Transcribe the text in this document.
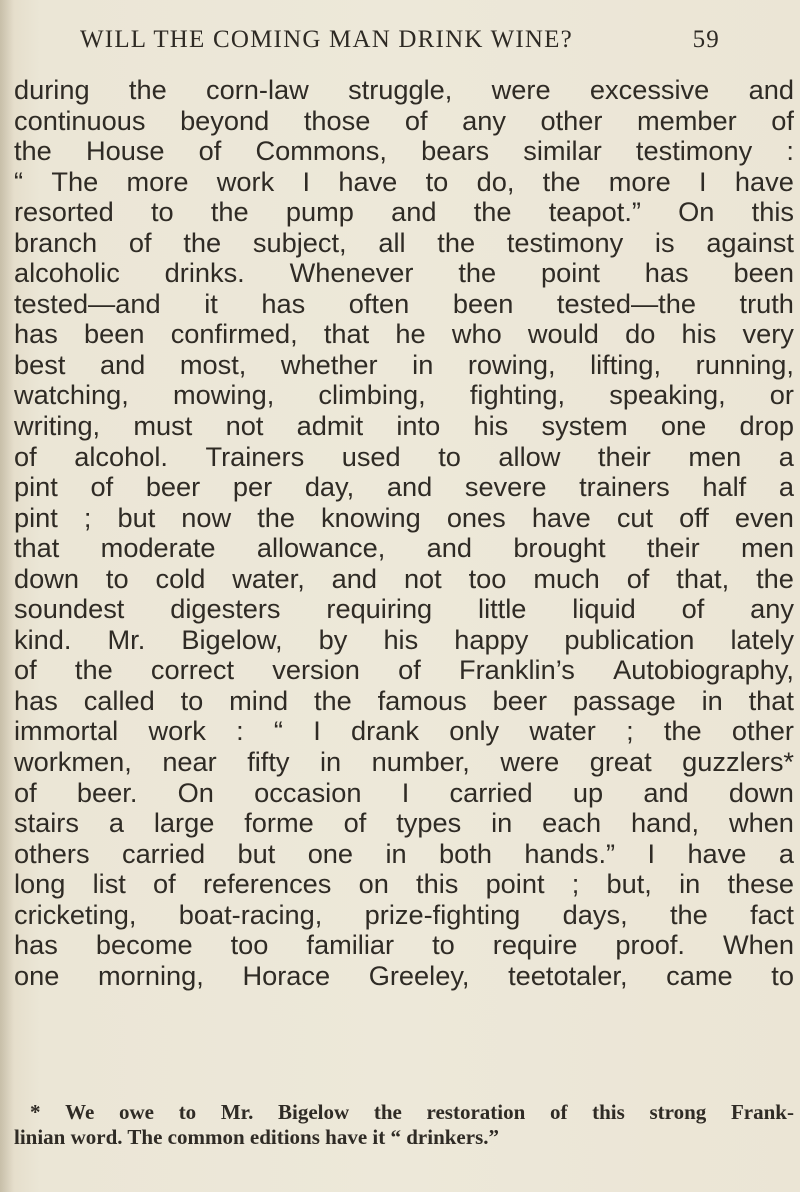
WILL THE COMING MAN DRINK WINE?	59
during the corn-law struggle, were excessive and
continuous beyond those of any other member of
the House of Commons, bears similar testimony :
“ The more work I have to do, the more I have
resorted to the pump and the teapot.” On this
branch of the subject, all the testimony is against
alcoholic drinks. Whenever the point has been
tested—and it has often been tested—the truth
has been confirmed, that he who would do his very
best and most, whether in rowing, lifting, running,
watching, mowing, climbing, fighting, speaking, or
writing, must not admit into his system one drop
of alcohol. Trainers used to allow their men a
pint of beer per day, and severe trainers half a
pint ; but now the knowing ones have cut off even
that moderate allowance, and brought their men
down to cold water, and not too much of that, the
soundest digesters requiring little liquid of any
kind. Mr. Bigelow, by his happy publication lately
of the correct version of Franklin’s Autobiography,
has called to mind the famous beer passage in that
immortal work : “ I drank only water ; the other
workmen, near fifty in number, were great guzzlers*
of beer. On occasion I carried up and down
stairs a large forme of types in each hand, when
others carried but one in both hands.” I have a
long list of references on this point ; but, in these
cricketing, boat-racing, prize-fighting days, the fact
has become too familiar to require proof. When
one morning, Horace Greeley, teetotaler, came to
* We owe to Mr. Bigelow the restoration of this strong Frank-
linian word. The common editions have it “ drinkers.”
